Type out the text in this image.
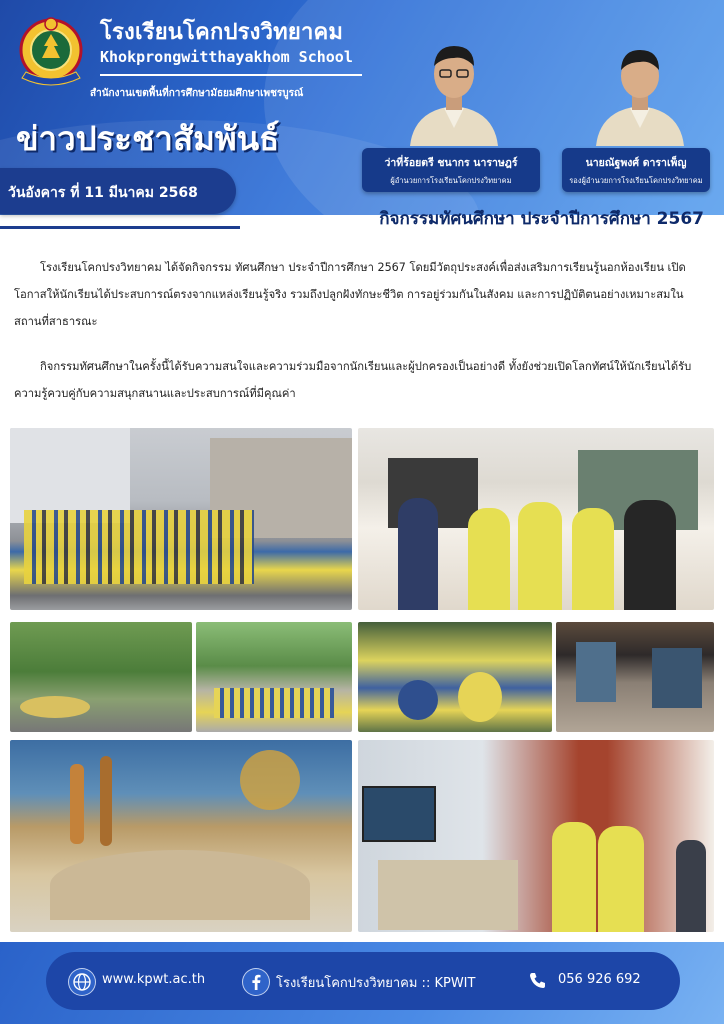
โรงเรียนโคกปรงวิทยาคม
Khokprongwitthayakhom School
สำนักงานเขตพื้นที่การศึกษามัธยมศึกษาเพชรบูรณ์
ข่าวประชาสัมพันธ์
วันอังคาร ที่ 11 มีนาคม 2568
ว่าที่ร้อยตรี ชนากร นาราษฎร์
ผู้อำนวยการโรงเรียนโคกปรงวิทยาคม
นายณัฐพงศ์ ดาราเพ็ญ
รองผู้อำนวยการโรงเรียนโคกปรงวิทยาคม
กิจกรรมทัศนศึกษา ประจำปีการศึกษา 2567

โรงเรียนโคกปรงวิทยาคม ได้จัดกิจกรรม ทัศนศึกษา ประจำปีการศึกษา 2567 โดยมีวัตถุประสงค์เพื่อส่งเสริมการเรียนรู้นอกห้องเรียน เปิดโอกาสให้นักเรียนได้ประสบการณ์ตรงจากแหล่งเรียนรู้จริง รวมถึงปลูกฝังทักษะชีวิต การอยู่ร่วมกันในสังคม และการปฏิบัติตนอย่างเหมาะสมในสถานที่สาธารณะ

กิจกรรมทัศนศึกษาในครั้งนี้ได้รับความสนใจและความร่วมมือจากนักเรียนและผู้ปกครองเป็นอย่างดี ทั้งยังช่วยเปิดโลกทัศน์ให้นักเรียนได้รับความรู้ควบคู่กับความสนุกสนานและประสบการณ์ที่มีคุณค่า

www.kpwt.ac.th	โรงเรียนโคกปรงวิทยาคม :: KPWIT	056 926 692
